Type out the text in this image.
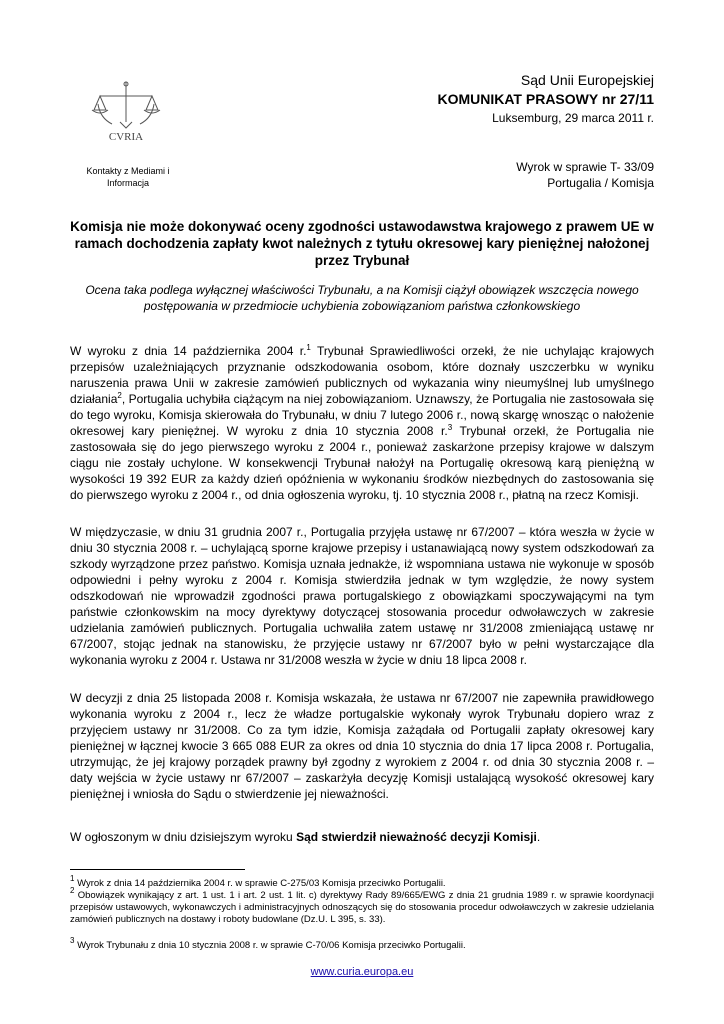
CVRIA
Kontakty z Mediami i Informacja
Sąd Unii Europejskiej
KOMUNIKAT PRASOWY nr 27/11
Luksemburg, 29 marca 2011 r.
Wyrok w sprawie T- 33/09
Portugalia / Komisja
Komisja nie może dokonywać oceny zgodności ustawodawstwa krajowego z prawem UE w ramach dochodzenia zapłaty kwot należnych z tytułu okresowej kary pieniężnej nałożonej przez Trybunał
Ocena taka podlega wyłącznej właściwości Trybunału, a na Komisji ciążył obowiązek wszczęcia nowego postępowania w przedmiocie uchybienia zobowiązaniom państwa członkowskiego
W wyroku z dnia 14 października 2004 r.$^1$ Trybunał Sprawiedliwości orzekł, że nie uchylając krajowych przepisów uzależniających przyznanie odszkodowania osobom, które doznały uszczerbku w wyniku naruszenia prawa Unii w zakresie zamówień publicznych od wykazania winy nieumyślnej lub umyślnego działania$^2$, Portugalia uchybiła ciążącym na niej zobowiązaniom. Uznawszy, że Portugalia nie zastosowała się do tego wyroku, Komisja skierowała do Trybunału, w dniu 7 lutego 2006 r., nową skargę wnosząc o nałożenie okresowej kary pieniężnej. W wyroku z dnia 10 stycznia 2008 r.$^3$ Trybunał orzekł, że Portugalia nie zastosowała się do jego pierwszego wyroku z 2004 r., ponieważ zaskarżone przepisy krajowe w dalszym ciągu nie zostały uchylone. W konsekwencji Trybunał nałożył na Portugalię okresową karą pieniężną w wysokości 19 392 EUR za każdy dzień opóźnienia w wykonaniu środków niezbędnych do zastosowania się do pierwszego wyroku z 2004 r., od dnia ogłoszenia wyroku, tj. 10 stycznia 2008 r., płatną na rzecz Komisji.
W międzyczasie, w dniu 31 grudnia 2007 r., Portugalia przyjęła ustawę nr 67/2007 – która weszła w życie w dniu 30 stycznia 2008 r. – uchylającą sporne krajowe przepisy i ustanawiającą nowy system odszkodowań za szkody wyrządzone przez państwo. Komisja uznała jednakże, iż wspomniana ustawa nie wykonuje w sposób odpowiedni i pełny wyroku z 2004 r. Komisja stwierdziła jednak w tym względzie, że nowy system odszkodowań nie wprowadził zgodności prawa portugalskiego z obowiązkami spoczywającymi na tym państwie członkowskim na mocy dyrektywy dotyczącej stosowania procedur odwoławczych w zakresie udzielania zamówień publicznych. Portugalia uchwaliła zatem ustawę nr 31/2008 zmieniającą ustawę nr 67/2007, stojąc jednak na stanowisku, że przyjęcie ustawy nr 67/2007 było w pełni wystarczające dla wykonania wyroku z 2004 r. Ustawa nr 31/2008 weszła w życie w dniu 18 lipca 2008 r.
W decyzji z dnia 25 listopada 2008 r. Komisja wskazała, że ustawa nr 67/2007 nie zapewniła prawidłowego wykonania wyroku z 2004 r., lecz że władze portugalskie wykonały wyrok Trybunału dopiero wraz z przyjęciem ustawy nr 31/2008. Co za tym idzie, Komisja zażądała od Portugalii zapłaty okresowej kary pieniężnej w łącznej kwocie 3 665 088 EUR za okres od dnia 10 stycznia do dnia 17 lipca 2008 r. Portugalia, utrzymując, że jej krajowy porządek prawny był zgodny z wyrokiem z 2004 r. od dnia 30 stycznia 2008 r. – daty wejścia w życie ustawy nr 67/2007 – zaskarżyła decyzję Komisji ustalającą wysokość okresowej kary pieniężnej i wniosła do Sądu o stwierdzenie jej nieważności.
W ogłoszonym w dniu dzisiejszym wyroku Sąd stwierdził nieważność decyzji Komisji.
$^1$ Wyrok z dnia 14 października 2004 r. w sprawie C-275/03 Komisja przeciwko Portugalii.
$^2$ Obowiązek wynikający z art. 1 ust. 1 i art. 2 ust. 1 lit. c) dyrektywy Rady 89/665/EWG z dnia 21 grudnia 1989 r. w sprawie koordynacji przepisów ustawowych, wykonawczych i administracyjnych odnoszących się do stosowania procedur odwoławczych w zakresie udzielania zamówień publicznych na dostawy i roboty budowlane (Dz.U. L 395, s. 33).
$^3$ Wyrok Trybunału z dnia 10 stycznia 2008 r. w sprawie C-70/06 Komisja przeciwko Portugalii.
www.curia.europa.eu
